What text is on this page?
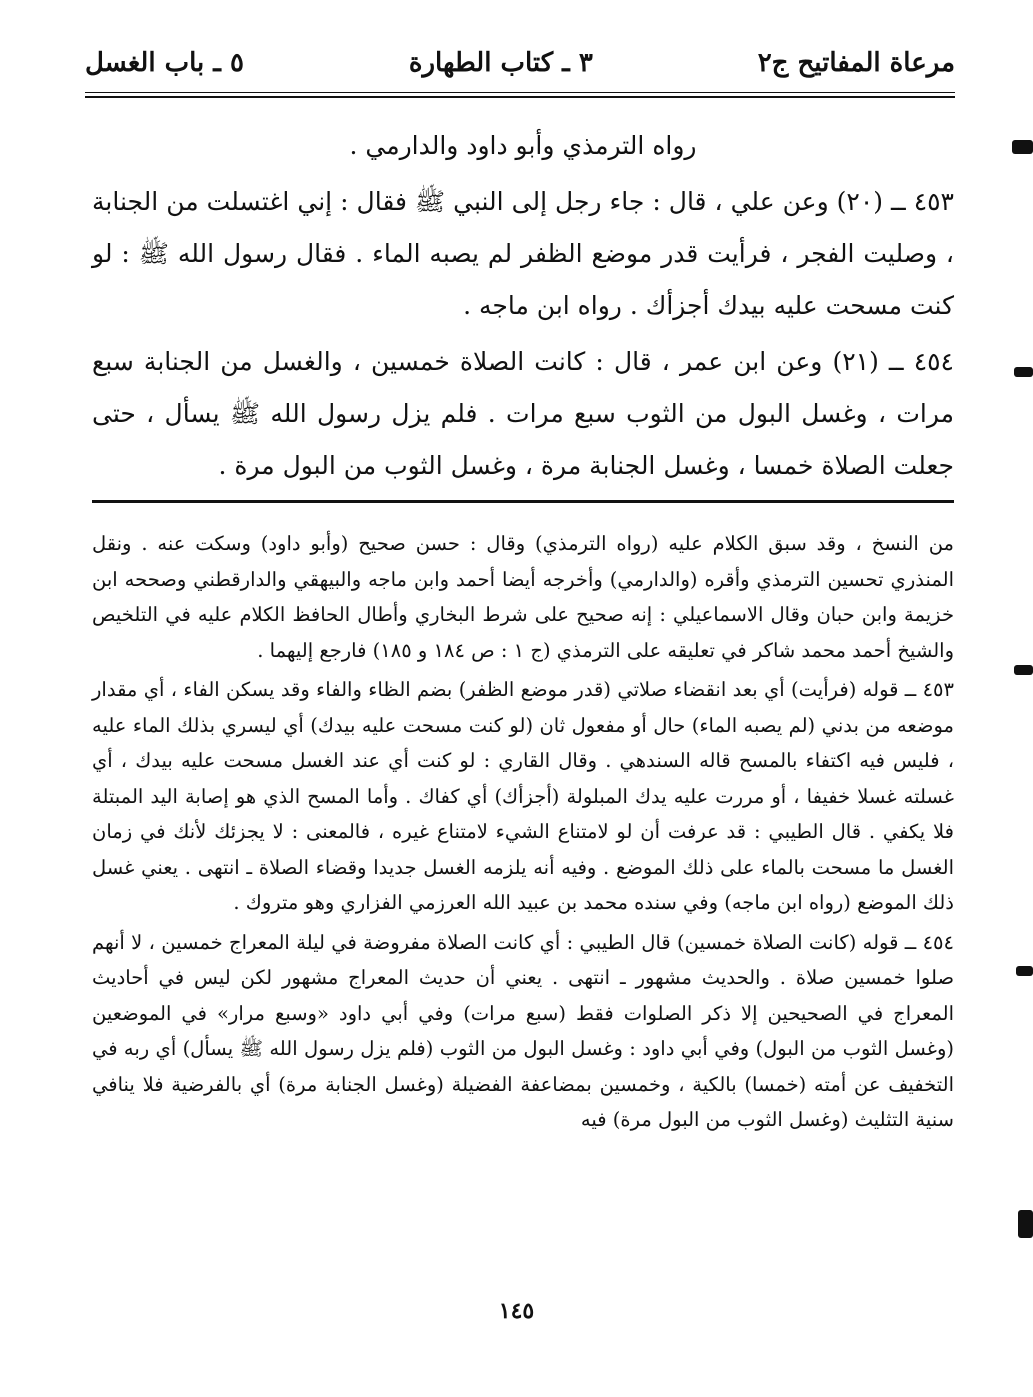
مرعاة المفاتيح ج٢
٣ ـ كتاب الطهارة
٥ ـ باب الغسل

رواه الترمذي وأبو داود والدارمي .

٤٥٣ ــ (٢٠) وعن علي ، قال : جاء رجل إلى النبي ﷺ فقال : إني اغتسلت من الجنابة ، وصليت الفجر ، فرأيت قدر موضع الظفر لم يصبه الماء . فقال رسول الله ﷺ : لو كنت مسحت عليه بيدك أجزأك . رواه ابن ماجه .

٤٥٤ ــ (٢١) وعن ابن عمر ، قال : كانت الصلاة خمسين ، والغسل من الجنابة سبع مرات ، وغسل البول من الثوب سبع مرات . فلم يزل رسول الله ﷺ يسأل ، حتى جعلت الصلاة خمسا ، وغسل الجنابة مرة ، وغسل الثوب من البول مرة .

من النسخ ، وقد سبق الكلام عليه (رواه الترمذي) وقال : حسن صحيح (وأبو داود) وسكت عنه . ونقل المنذري تحسين الترمذي وأقره (والدارمي) وأخرجه أيضا أحمد وابن ماجه والبيهقي والدارقطني وصححه ابن خزيمة وابن حبان وقال الاسماعيلي : إنه صحيح على شرط البخاري وأطال الحافظ الكلام عليه في التلخيص والشيخ أحمد محمد شاكر في تعليقه على الترمذي (ج ١ : ص ١٨٤ و ١٨٥) فارجع إليهما .

٤٥٣ ــ قوله (فرأيت) أي بعد انقضاء صلاتي (قدر موضع الظفر) بضم الظاء والفاء وقد يسكن الفاء ، أي مقدار موضعه من بدني (لم يصبه الماء) حال أو مفعول ثان (لو كنت مسحت عليه بيدك) أي ليسري بذلك الماء عليه ، فليس فيه اكتفاء بالمسح قاله السندهي . وقال القاري : لو كنت أي عند الغسل مسحت عليه بيدك ، أي غسلته غسلا خفيفا ، أو مررت عليه يدك المبلولة (أجزأك) أي كفاك . وأما المسح الذي هو إصابة اليد المبتلة فلا يكفي . قال الطيبي : قد عرفت أن لو لامتناع الشيء لامتناع غيره ، فالمعنى : لا يجزئك لأنك في زمان الغسل ما مسحت بالماء على ذلك الموضع . وفيه أنه يلزمه الغسل جديدا وقضاء الصلاة ـ انتهى . يعني غسل ذلك الموضع (رواه ابن ماجه) وفي سنده محمد بن عبيد الله العرزمي الفزاري وهو متروك .

٤٥٤ ــ قوله (كانت الصلاة خمسين) قال الطيبي : أي كانت الصلاة مفروضة في ليلة المعراج خمسين ، لا أنهم صلوا خمسين صلاة . والحديث مشهور ـ انتهى . يعني أن حديث المعراج مشهور لكن ليس في أحاديث المعراج في الصحيحين إلا ذكر الصلوات فقط (سبع مرات) وفي أبي داود «وسبع مرار» في الموضعين (وغسل الثوب من البول) وفي أبي داود : وغسل البول من الثوب (فلم يزل رسول الله ﷺ يسأل) أي ربه في التخفيف عن أمته (خمسا) بالكية ، وخمسين بمضاعفة الفضيلة (وغسل الجنابة مرة) أي بالفرضية فلا ينافي سنية التثليث (وغسل الثوب من البول مرة) فيه

١٤٥
